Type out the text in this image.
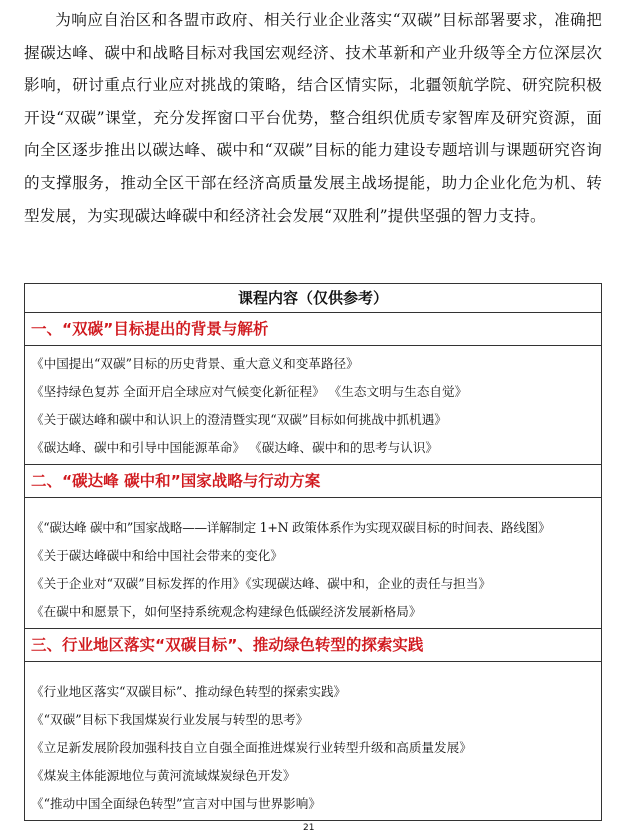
为响应自治区和各盟市政府、相关行业企业落实“双碳”目标部署要求，准确把握碳达峰、碳中和战略目标对我国宏观经济、技术革新和产业升级等全方位深层次影响，研讨重点行业应对挑战的策略，结合区情实际，北疆领航学院、研究院积极开设“双碳”课堂，充分发挥窗口平台优势，整合组织优质专家智库及研究资源，面向全区逐步推出以碳达峰、碳中和“双碳”目标的能力建设专题培训与课题研究咨询的支撑服务，推动全区干部在经济高质量发展主战场提能，助力企业化危为机、转型发展，为实现碳达峰碳中和经济社会发展“双胜利”提供坚强的智力支持。

课程内容（仅供参考）
一、“双碳”目标提出的背景与解析
《中国提出“双碳”目标的历史背景、重大意义和变革路径》
《坚持绿色复苏 全面开启全球应对气候变化新征程》 《生态文明与生态自觉》
《关于碳达峰和碳中和认识上的澄清暨实现“双碳”目标如何挑战中抓机遇》
《碳达峰、碳中和引导中国能源革命》 《碳达峰、碳中和的思考与认识》
二、“碳达峰 碳中和”国家战略与行动方案
《“碳达峰 碳中和”国家战略——详解制定 1+N 政策体系作为实现双碳目标的时间表、路线图》
《关于碳达峰碳中和给中国社会带来的变化》
《关于企业对“双碳”目标发挥的作用》《实现碳达峰、碳中和，企业的责任与担当》
《在碳中和愿景下，如何坚持系统观念构建绿色低碳经济发展新格局》
三、行业地区落实“双碳目标”、推动绿色转型的探索实践
《行业地区落实“双碳目标”、推动绿色转型的探索实践》
《“双碳”目标下我国煤炭行业发展与转型的思考》
《立足新发展阶段加强科技自立自强全面推进煤炭行业转型升级和高质量发展》
《煤炭主体能源地位与黄河流域煤炭绿色开发》
《“推动中国全面绿色转型”宣言对中国与世界影响》
21
